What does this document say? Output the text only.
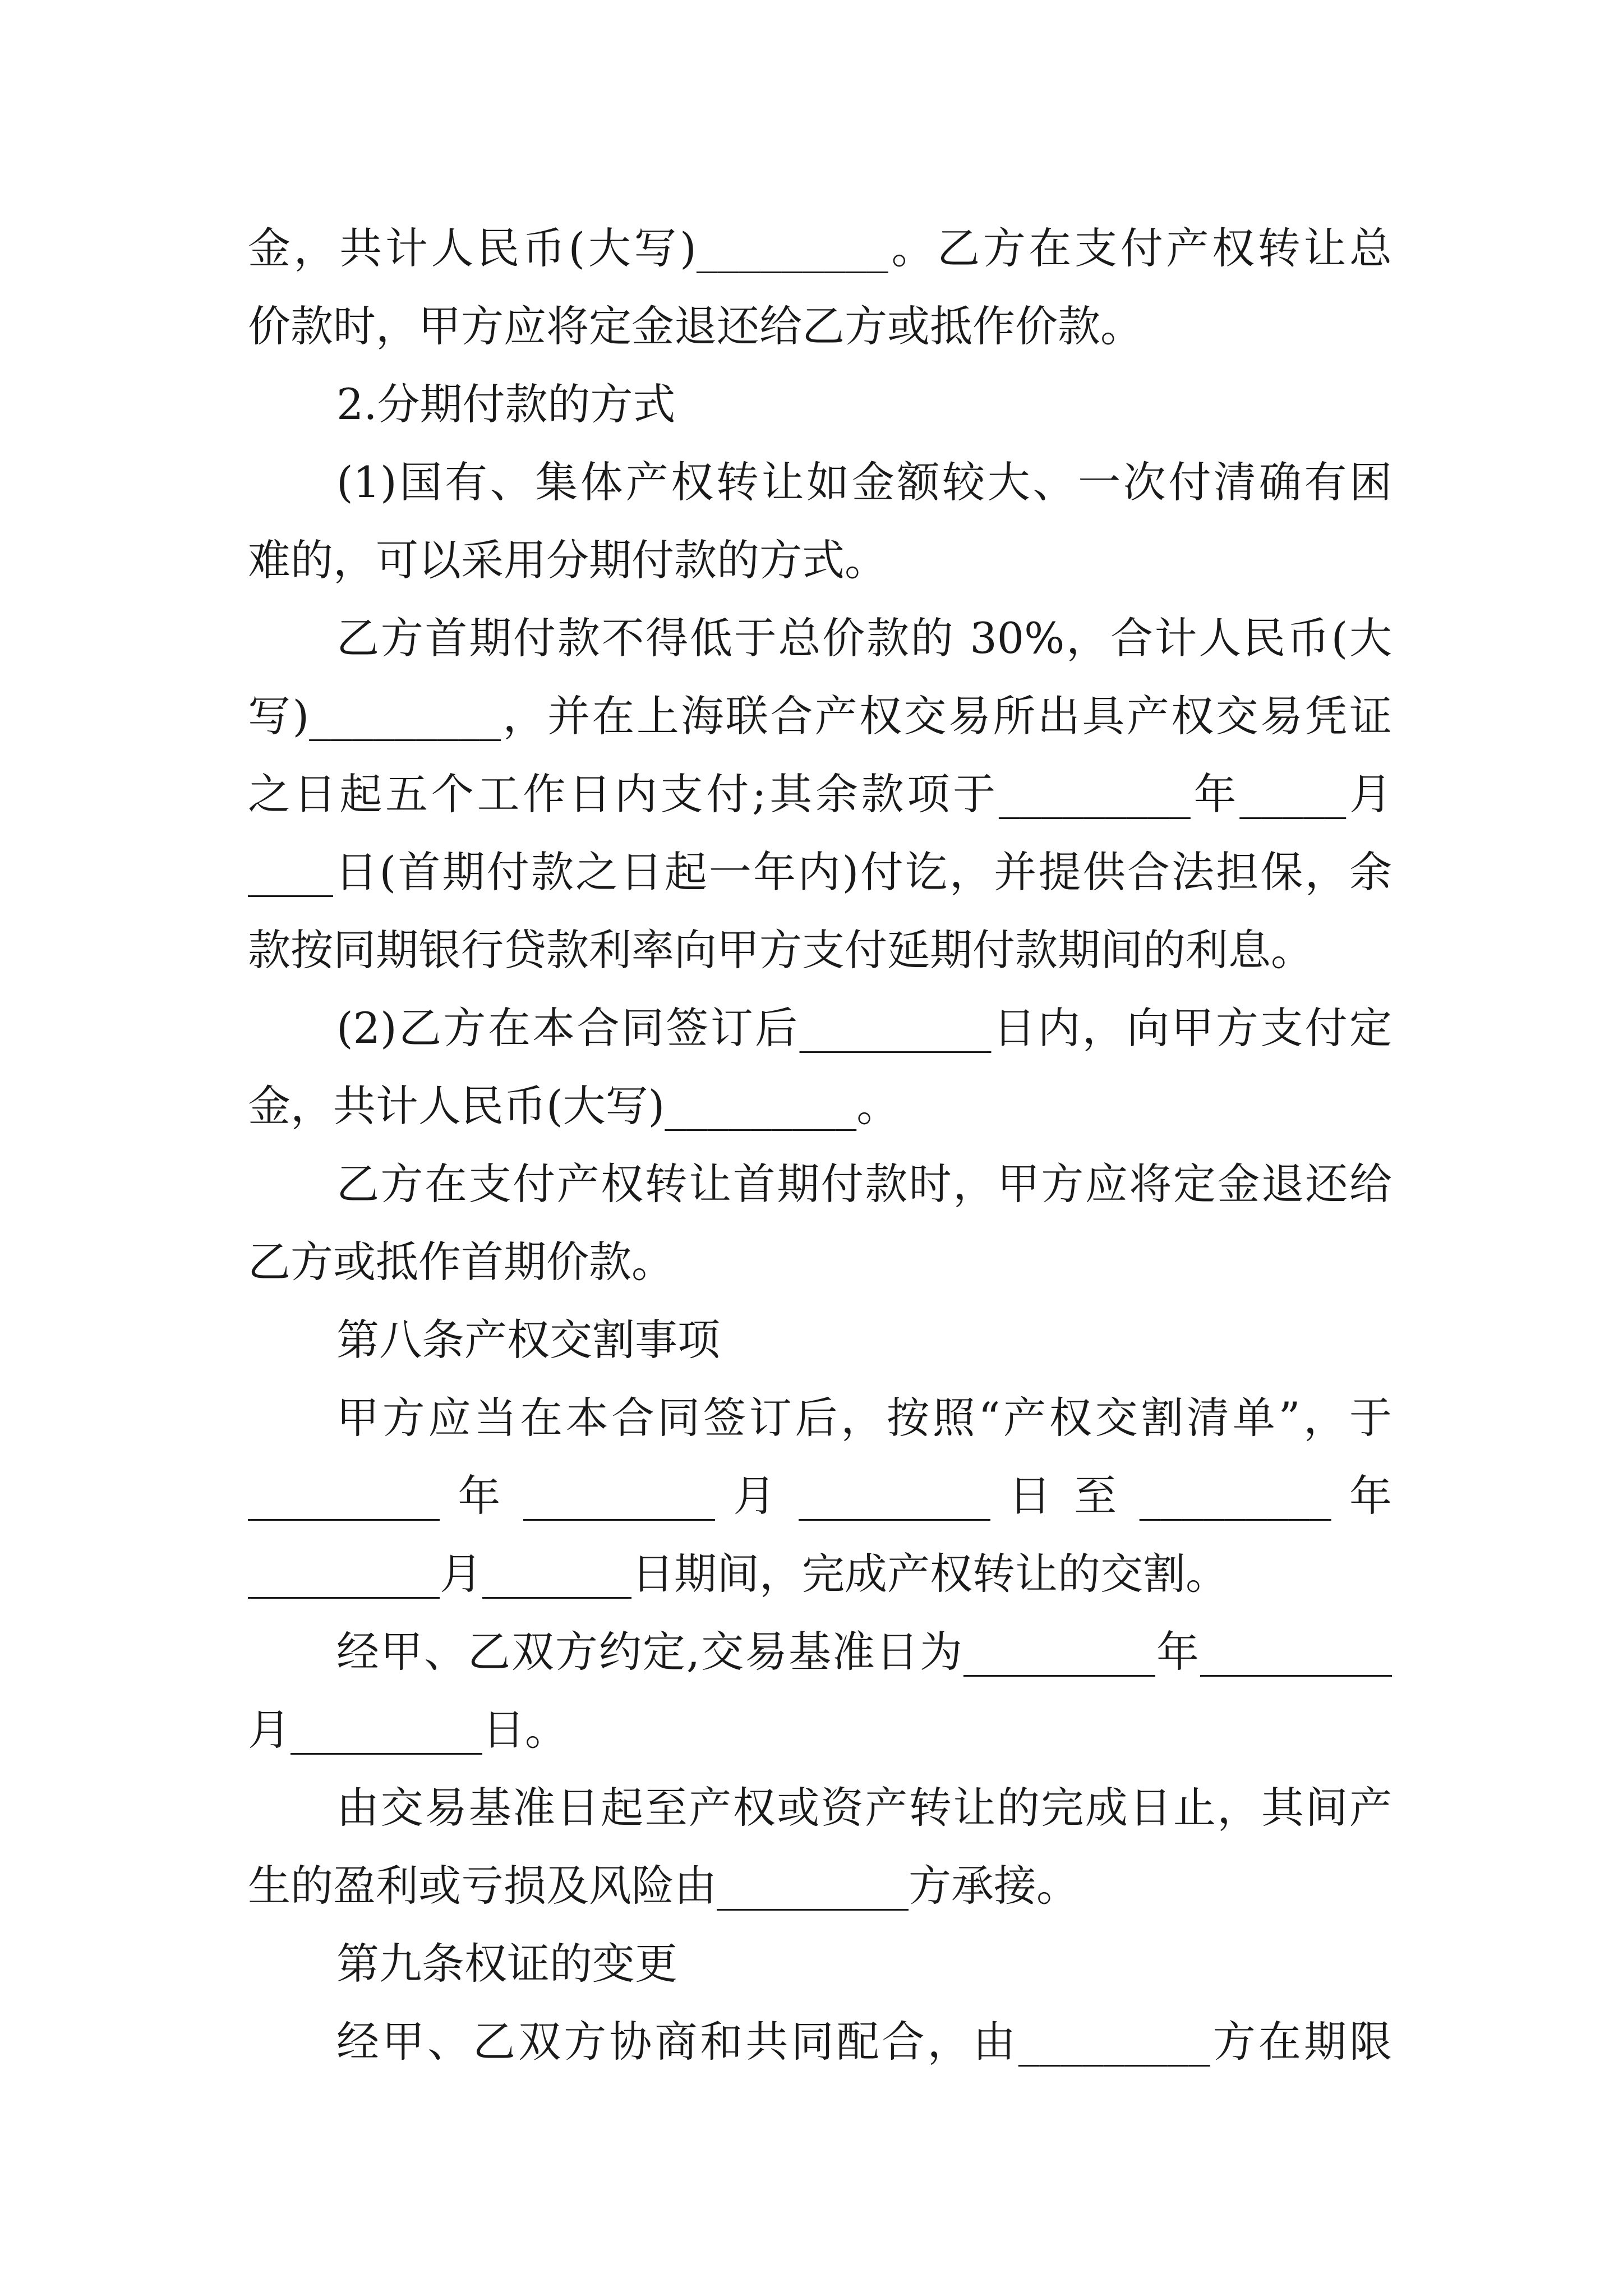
金，共计人民币(大写)_________。乙方在支付产权转让总
价款时，甲方应将定金退还给乙方或抵作价款。
2.分期付款的方式
(1)国有、集体产权转让如金额较大、一次付清确有困
难的，可以采用分期付款的方式。
乙方首期付款不得低于总价款的 30%，合计人民币(大
写)_________，并在上海联合产权交易所出具产权交易凭证
之日起五个工作日内支付;其余款项于_________年_____月
____日(首期付款之日起一年内)付讫，并提供合法担保，余
款按同期银行贷款利率向甲方支付延期付款期间的利息。
(2)乙方在本合同签订后_________日内，向甲方支付定
金，共计人民币(大写)_________。
乙方在支付产权转让首期付款时，甲方应将定金退还给
乙方或抵作首期价款。
第八条产权交割事项
甲方应当在本合同签订后，按照“产权交割清单”，于
_________ 年 _________ 月 _________ 日 至 _________ 年
_________月_______日期间，完成产权转让的交割。
经甲、乙双方约定,交易基准日为_________年_________
月_________日。
由交易基准日起至产权或资产转让的完成日止，其间产
生的盈利或亏损及风险由_________方承接。
第九条权证的变更
经甲、乙双方协商和共同配合，由_________方在期限
